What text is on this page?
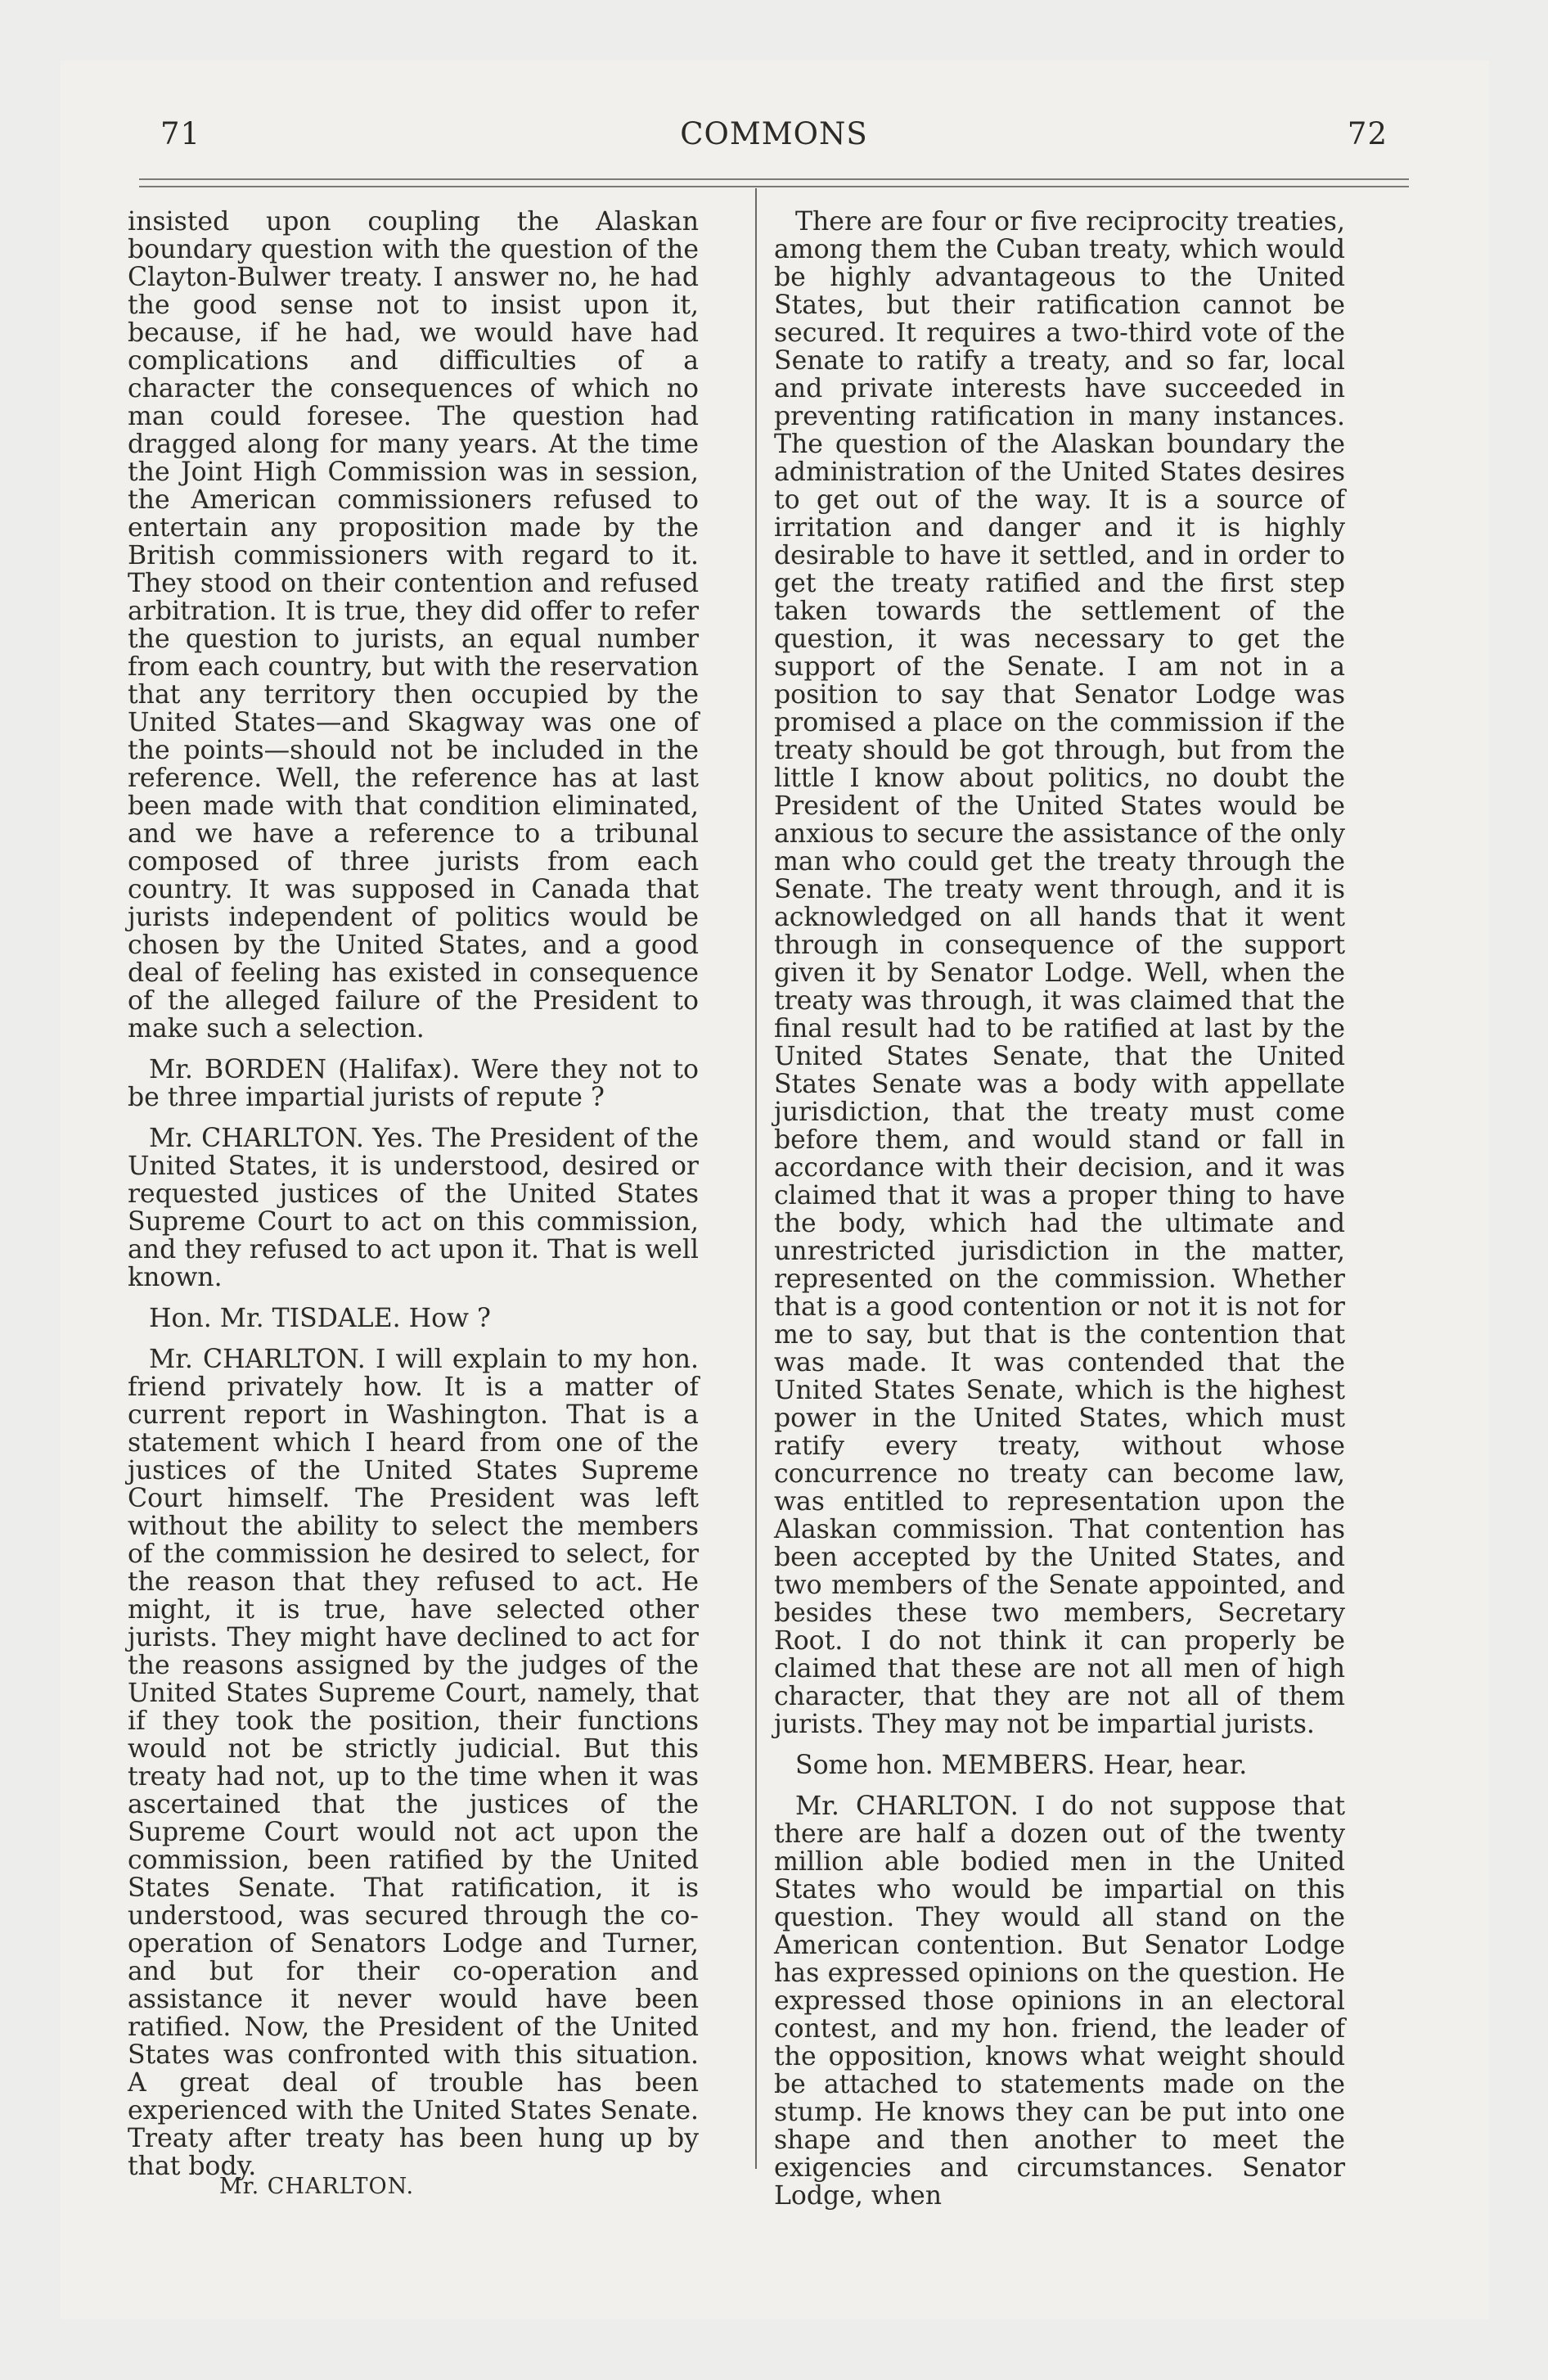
71	COMMONS	72

insisted upon coupling the Alaskan boundary question with the question of the Clayton-Bulwer treaty. I answer no, he had the good sense not to insist upon it, because, if he had, we would have had complications and difficulties of a character the consequences of which no man could foresee. The question had dragged along for many years. At the time the Joint High Commission was in session, the American commissioners refused to entertain any proposition made by the British commissioners with regard to it. They stood on their contention and refused arbitration. It is true, they did offer to refer the question to jurists, an equal number from each country, but with the reservation that any territory then occupied by the United States—and Skagway was one of the points—should not be included in the reference. Well, the reference has at last been made with that condition eliminated, and we have a reference to a tribunal composed of three jurists from each country. It was supposed in Canada that jurists independent of politics would be chosen by the United States, and a good deal of feeling has existed in consequence of the alleged failure of the President to make such a selection.

Mr. BORDEN (Halifax). Were they not to be three impartial jurists of repute ?

Mr. CHARLTON. Yes. The President of the United States, it is understood, desired or requested justices of the United States Supreme Court to act on this commission, and they refused to act upon it. That is well known.

Hon. Mr. TISDALE. How ?

Mr. CHARLTON. I will explain to my hon. friend privately how. It is a matter of current report in Washington. That is a statement which I heard from one of the justices of the United States Supreme Court himself. The President was left without the ability to select the members of the commission he desired to select, for the reason that they refused to act. He might, it is true, have selected other jurists. They might have declined to act for the reasons assigned by the judges of the United States Supreme Court, namely, that if they took the position, their functions would not be strictly judicial. But this treaty had not, up to the time when it was ascertained that the justices of the Supreme Court would not act upon the commission, been ratified by the United States Senate. That ratification, it is understood, was secured through the co-operation of Senators Lodge and Turner, and but for their co-operation and assistance it never would have been ratified. Now, the President of the United States was confronted with this situation. A great deal of trouble has been experienced with the United States Senate. Treaty after treaty has been hung up by that body.

There are four or five reciprocity treaties, among them the Cuban treaty, which would be highly advantageous to the United States, but their ratification cannot be secured. It requires a two-third vote of the Senate to ratify a treaty, and so far, local and private interests have succeeded in preventing ratification in many instances. The question of the Alaskan boundary the administration of the United States desires to get out of the way. It is a source of irritation and danger and it is highly desirable to have it settled, and in order to get the treaty ratified and the first step taken towards the settlement of the question, it was necessary to get the support of the Senate. I am not in a position to say that Senator Lodge was promised a place on the commission if the treaty should be got through, but from the little I know about politics, no doubt the President of the United States would be anxious to secure the assistance of the only man who could get the treaty through the Senate. The treaty went through, and it is acknowledged on all hands that it went through in consequence of the support given it by Senator Lodge. Well, when the treaty was through, it was claimed that the final result had to be ratified at last by the United States Senate, that the United States Senate was a body with appellate jurisdiction, that the treaty must come before them, and would stand or fall in accordance with their decision, and it was claimed that it was a proper thing to have the body, which had the ultimate and unrestricted jurisdiction in the matter, represented on the commission. Whether that is a good contention or not it is not for me to say, but that is the contention that was made. It was contended that the United States Senate, which is the highest power in the United States, which must ratify every treaty, without whose concurrence no treaty can become law, was entitled to representation upon the Alaskan commission. That contention has been accepted by the United States, and two members of the Senate appointed, and besides these two members, Secretary Root. I do not think it can properly be claimed that these are not all men of high character, that they are not all of them jurists. They may not be impartial jurists.

Some hon. MEMBERS. Hear, hear.

Mr. CHARLTON. I do not suppose that there are half a dozen out of the twenty million able bodied men in the United States who would be impartial on this question. They would all stand on the American contention. But Senator Lodge has expressed opinions on the question. He expressed those opinions in an electoral contest, and my hon. friend, the leader of the opposition, knows what weight should be attached to statements made on the stump. He knows they can be put into one shape and then another to meet the exigencies and circumstances. Senator Lodge, when

Mr. CHARLTON.
